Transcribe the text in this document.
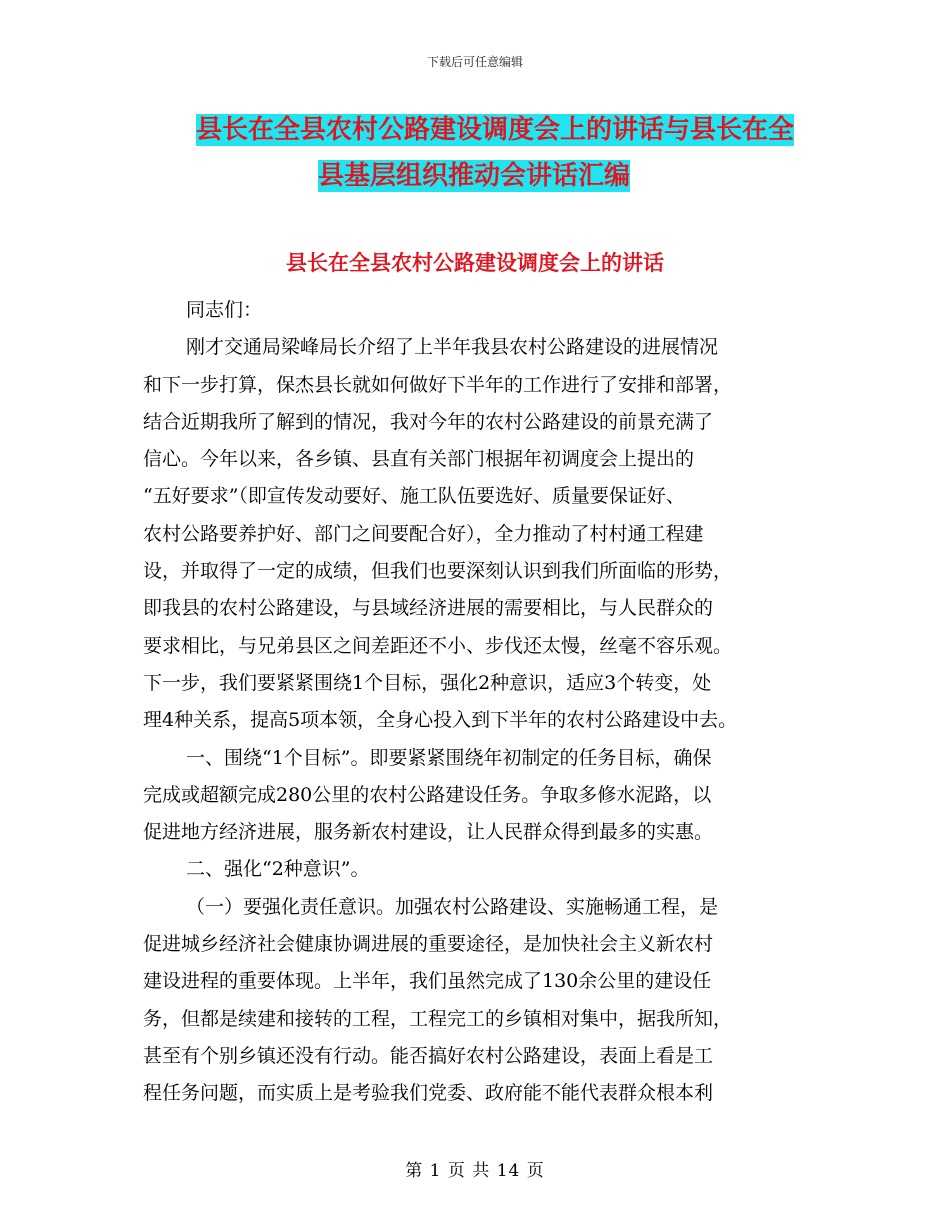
下载后可任意编辑
县长在全县农村公路建设调度会上的讲话与县长在全
县基层组织推动会讲话汇编
县长在全县农村公路建设调度会上的讲话
同志们：
刚才交通局梁峰局长介绍了上半年我县农村公路建设的进展情况
和下一步打算，保杰县长就如何做好下半年的工作进行了安排和部署，
结合近期我所了解到的情况，我对今年的农村公路建设的前景充满了
信心。今年以来，各乡镇、县直有关部门根据年初调度会上提出的
“五好要求”（即宣传发动要好、施工队伍要选好、质量要保证好、
农村公路要养护好、部门之间要配合好），全力推动了村村通工程建
设，并取得了一定的成绩，但我们也要深刻认识到我们所面临的形势，
即我县的农村公路建设，与县域经济进展的需要相比，与人民群众的
要求相比，与兄弟县区之间差距还不小、步伐还太慢，丝毫不容乐观。
下一步，我们要紧紧围绕1个目标，强化2种意识，适应3个转变，处
理4种关系，提高5项本领，全身心投入到下半年的农村公路建设中去。
一、围绕“1个目标”。即要紧紧围绕年初制定的任务目标，确保
完成或超额完成280公里的农村公路建设任务。争取多修水泥路，以
促进地方经济进展，服务新农村建设，让人民群众得到最多的实惠。
二、强化“2种意识”。
（一）要强化责任意识。加强农村公路建设、实施畅通工程，是
促进城乡经济社会健康协调进展的重要途径，是加快社会主义新农村
建设进程的重要体现。上半年，我们虽然完成了130余公里的建设任
务，但都是续建和接转的工程，工程完工的乡镇相对集中，据我所知，
甚至有个别乡镇还没有行动。能否搞好农村公路建设，表面上看是工
程任务问题，而实质上是考验我们党委、政府能不能代表群众根本利
第 1 页 共 14 页
